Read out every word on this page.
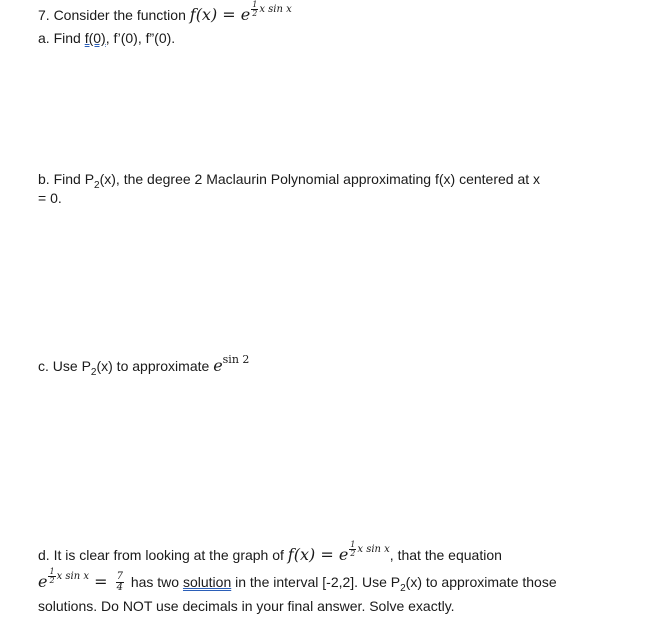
7. Consider the function f(x) = e $^{\frac{1}{2} x sin x}$
a. Find f(0), f’(0), f”(0).
b. Find $P_2(x)$, the degree 2 Maclaurin Polynomial approximating f(x) centered at x
= 0.
c. Use $P_2(x)$ to approximate $e^{sin 2}$
d. It is clear from looking at the graph of f(x) = e $^{\frac{1}{2} x sin x}$, that the equation
e $^{\frac{1}{2} x sin x} = \frac{7}{4}$ has two solution in the interval [-2,2]. Use $P_2(x)$ to approximate those
solutions. Do NOT use decimals in your final answer. Solve exactly.
